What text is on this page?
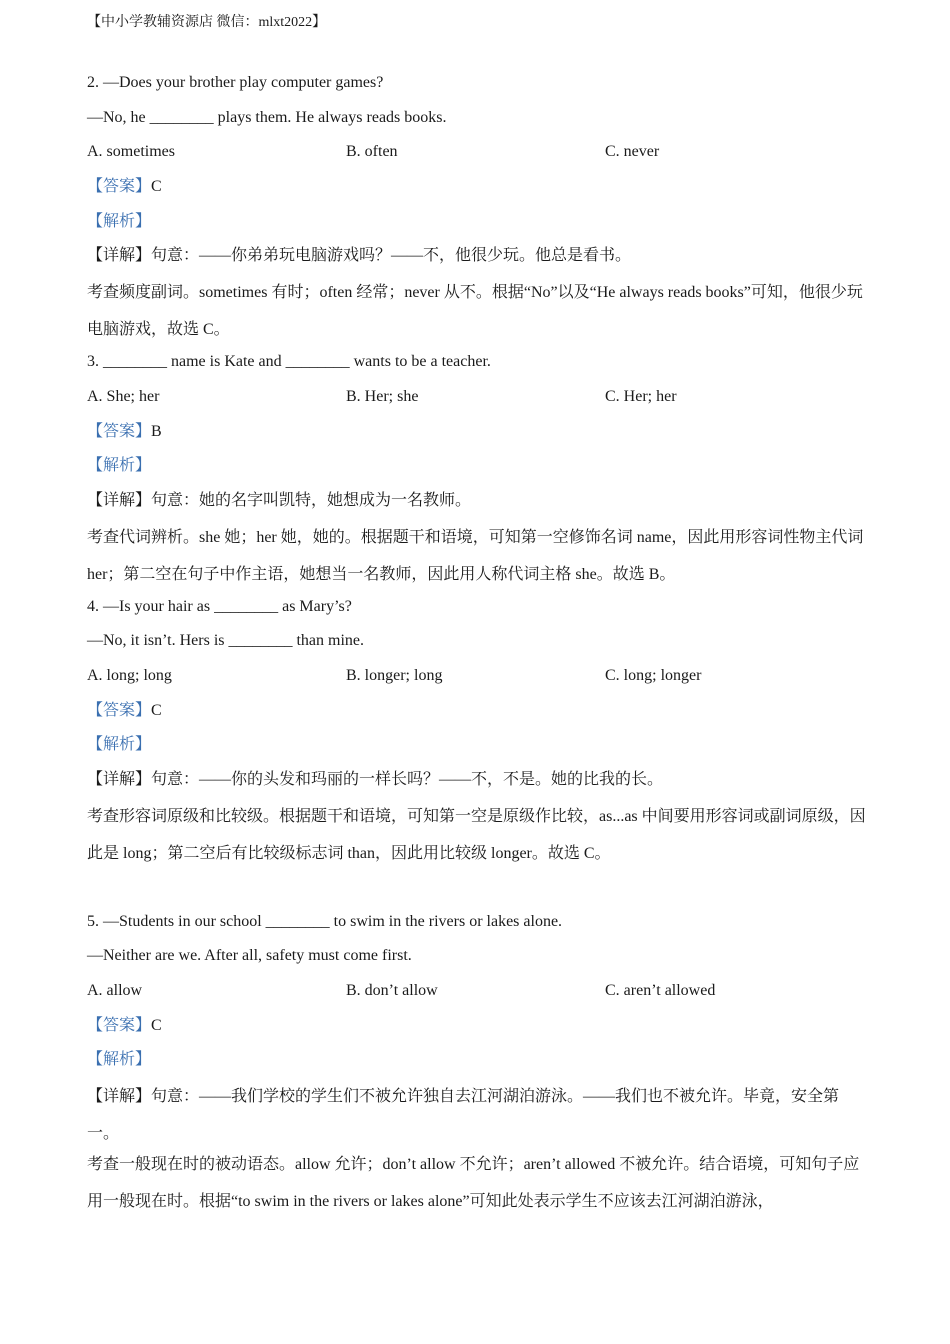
【中小学教辅资源店 微信：mlxt2022】
2. —Does your brother play computer games?
—No, he ________ plays them. He always reads books.
A. sometimes	B. often	C. never
【答案】C
【解析】
【详解】句意：——你弟弟玩电脑游戏吗？——不，他很少玩。他总是看书。
考查频度副词。sometimes 有时；often 经常；never 从不。根据“No”以及“He always reads books”可知，他很少玩电脑游戏，故选 C。
3. ________ name is Kate and ________ wants to be a teacher.
A. She; her	B. Her; she	C. Her; her
【答案】B
【解析】
【详解】句意：她的名字叫凯特，她想成为一名教师。
考查代词辨析。she 她；her 她，她的。根据题干和语境，可知第一空修饰名词 name，因此用形容词性物主代词 her；第二空在句子中作主语，她想当一名教师，因此用人称代词主格 she。故选 B。
4. —Is your hair as ________ as Mary’s?
—No, it isn’t. Hers is ________ than mine.
A. long; long	B. longer; long	C. long; longer
【答案】C
【解析】
【详解】句意：——你的头发和玛丽的一样长吗？——不，不是。她的比我的长。
考查形容词原级和比较级。根据题干和语境，可知第一空是原级作比较，as...as 中间要用形容词或副词原级，因此是 long；第二空后有比较级标志词 than，因此用比较级 longer。故选 C。
5. —Students in our school ________ to swim in the rivers or lakes alone.
—Neither are we. After all, safety must come first.
A. allow	B. don’t allow	C. aren’t allowed
【答案】C
【解析】
【详解】句意：——我们学校的学生们不被允许独自去江河湖泊游泳。——我们也不被允许。毕竟，安全第一。
考查一般现在时的被动语态。allow 允许；don’t allow 不允许；aren’t allowed 不被允许。结合语境，可知句子应用一般现在时。根据“to swim in the rivers or lakes alone”可知此处表示学生不应该去江河湖泊游泳，
